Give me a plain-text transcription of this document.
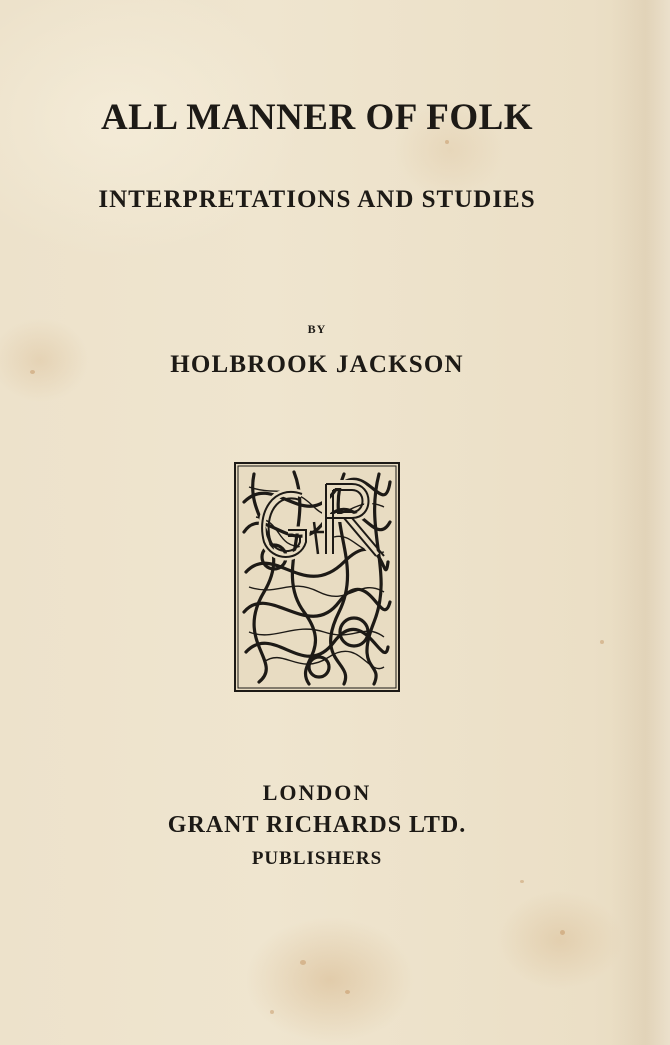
ALL MANNER OF FOLK
INTERPRETATIONS AND STUDIES
BY
HOLBROOK JACKSON
LONDON
GRANT RICHARDS LTD.
PUBLISHERS
